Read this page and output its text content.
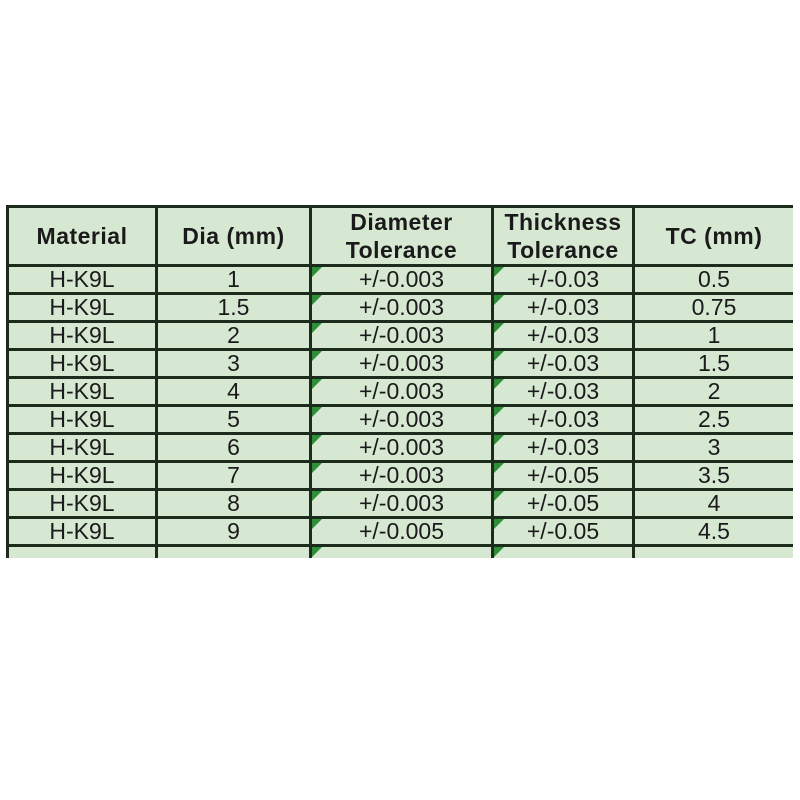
Material	Dia (mm)	Diameter Tolerance	Thickness Tolerance	TC (mm)
H-K9L	1	+/-0.003	+/-0.03	0.5
H-K9L	1.5	+/-0.003	+/-0.03	0.75
H-K9L	2	+/-0.003	+/-0.03	1
H-K9L	3	+/-0.003	+/-0.03	1.5
H-K9L	4	+/-0.003	+/-0.03	2
H-K9L	5	+/-0.003	+/-0.03	2.5
H-K9L	6	+/-0.003	+/-0.03	3
H-K9L	7	+/-0.003	+/-0.05	3.5
H-K9L	8	+/-0.003	+/-0.05	4
H-K9L	9	+/-0.005	+/-0.05	4.5
